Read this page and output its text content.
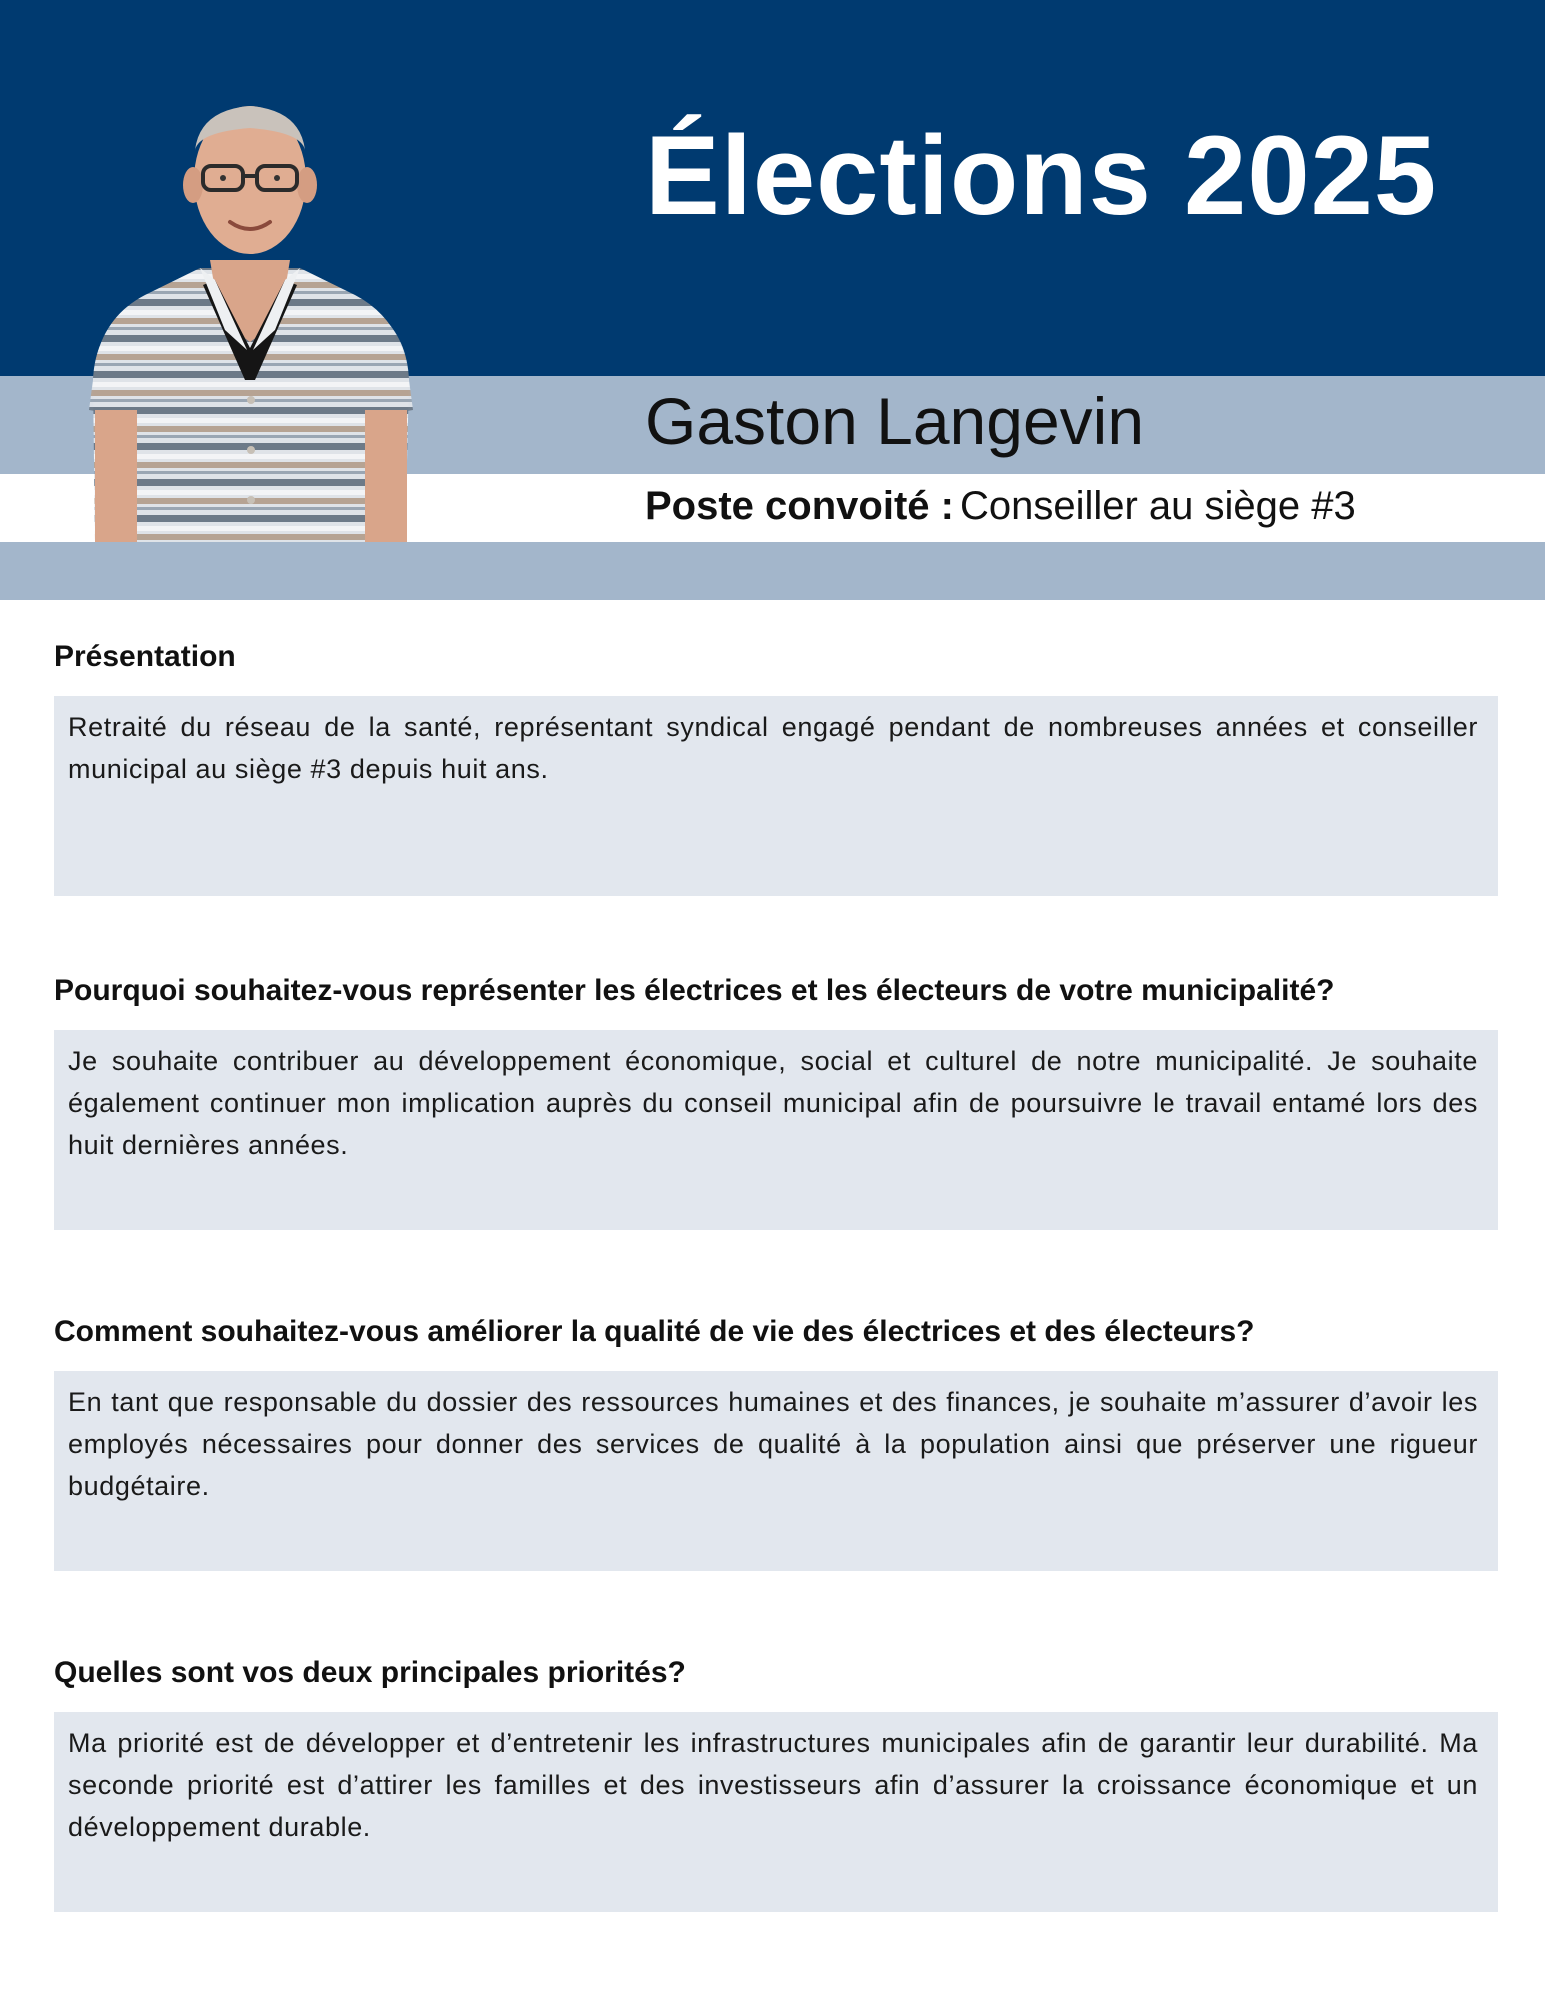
Élections 2025
Gaston Langevin
Poste convoité : Conseiller au siège #3
Présentation

Retraité du réseau de la santé, représentant syndical engagé pendant de nombreuses années et conseiller municipal au siège #3 depuis huit ans.

Pourquoi souhaitez-vous représenter les électrices et les électeurs de votre municipalité?

Je souhaite contribuer au développement économique, social et culturel de notre municipalité. Je souhaite également continuer mon implication auprès du conseil municipal afin de poursuivre le travail entamé lors des huit dernières années.

Comment souhaitez-vous améliorer la qualité de vie des électrices et des électeurs?

En tant que responsable du dossier des ressources humaines et des finances, je souhaite m’assurer d’avoir les employés nécessaires pour donner des services de qualité à la population ainsi que préserver une rigueur budgétaire.

Quelles sont vos deux principales priorités?

Ma priorité est de développer et d’entretenir les infrastructures municipales afin de garantir leur durabilité. Ma seconde priorité est d’attirer les familles et des investisseurs afin d’assurer la croissance économique et un développement durable.
